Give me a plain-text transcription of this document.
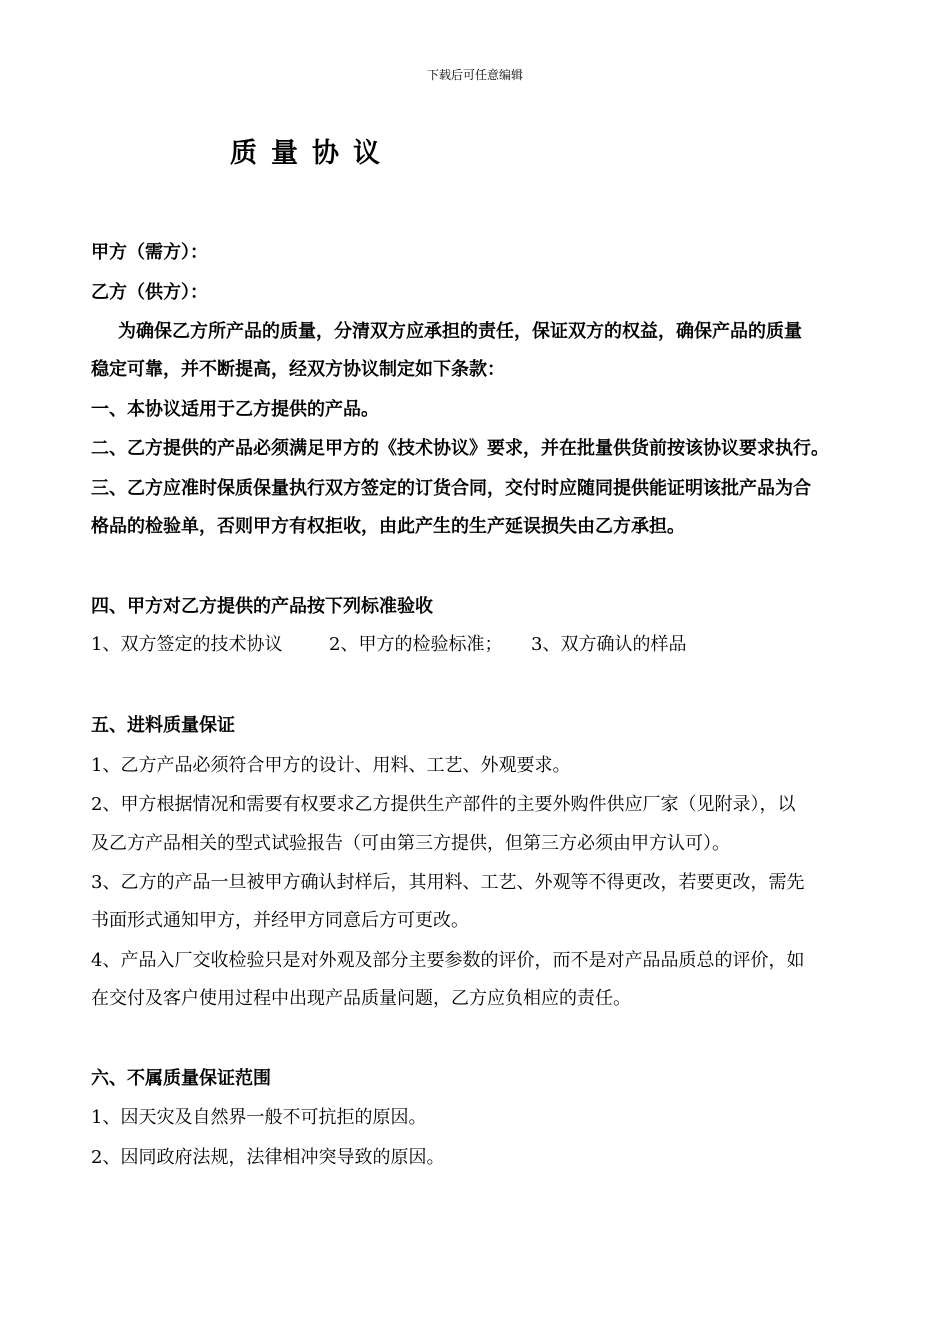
下载后可任意编辑
质量协议
甲方（需方）：
乙方（供方）：
为确保乙方所产品的质量，分清双方应承担的责任，保证双方的权益，确保产品的质量
稳定可靠，并不断提高，经双方协议制定如下条款：
一、本协议适用于乙方提供的产品。
二、乙方提供的产品必须满足甲方的《技术协议》要求，并在批量供货前按该协议要求执行。
三、乙方应准时保质保量执行双方签定的订货合同，交付时应随同提供能证明该批产品为合
格品的检验单，否则甲方有权拒收，由此产生的生产延误损失由乙方承担。
四、甲方对乙方提供的产品按下列标准验收
1、双方签定的技术协议	2、甲方的检验标准； 3、双方确认的样品
五、进料质量保证
1、乙方产品必须符合甲方的设计、用料、工艺、外观要求。
2、甲方根据情况和需要有权要求乙方提供生产部件的主要外购件供应厂家（见附录），以
及乙方产品相关的型式试验报告（可由第三方提供，但第三方必须由甲方认可）。
3、乙方的产品一旦被甲方确认封样后，其用料、工艺、外观等不得更改，若要更改，需先
书面形式通知甲方，并经甲方同意后方可更改。
4、产品入厂交收检验只是对外观及部分主要参数的评价，而不是对产品品质总的评价，如
在交付及客户使用过程中出现产品质量问题，乙方应负相应的责任。
六、不属质量保证范围
1、因天灾及自然界一般不可抗拒的原因。
2、因同政府法规，法律相冲突导致的原因。
